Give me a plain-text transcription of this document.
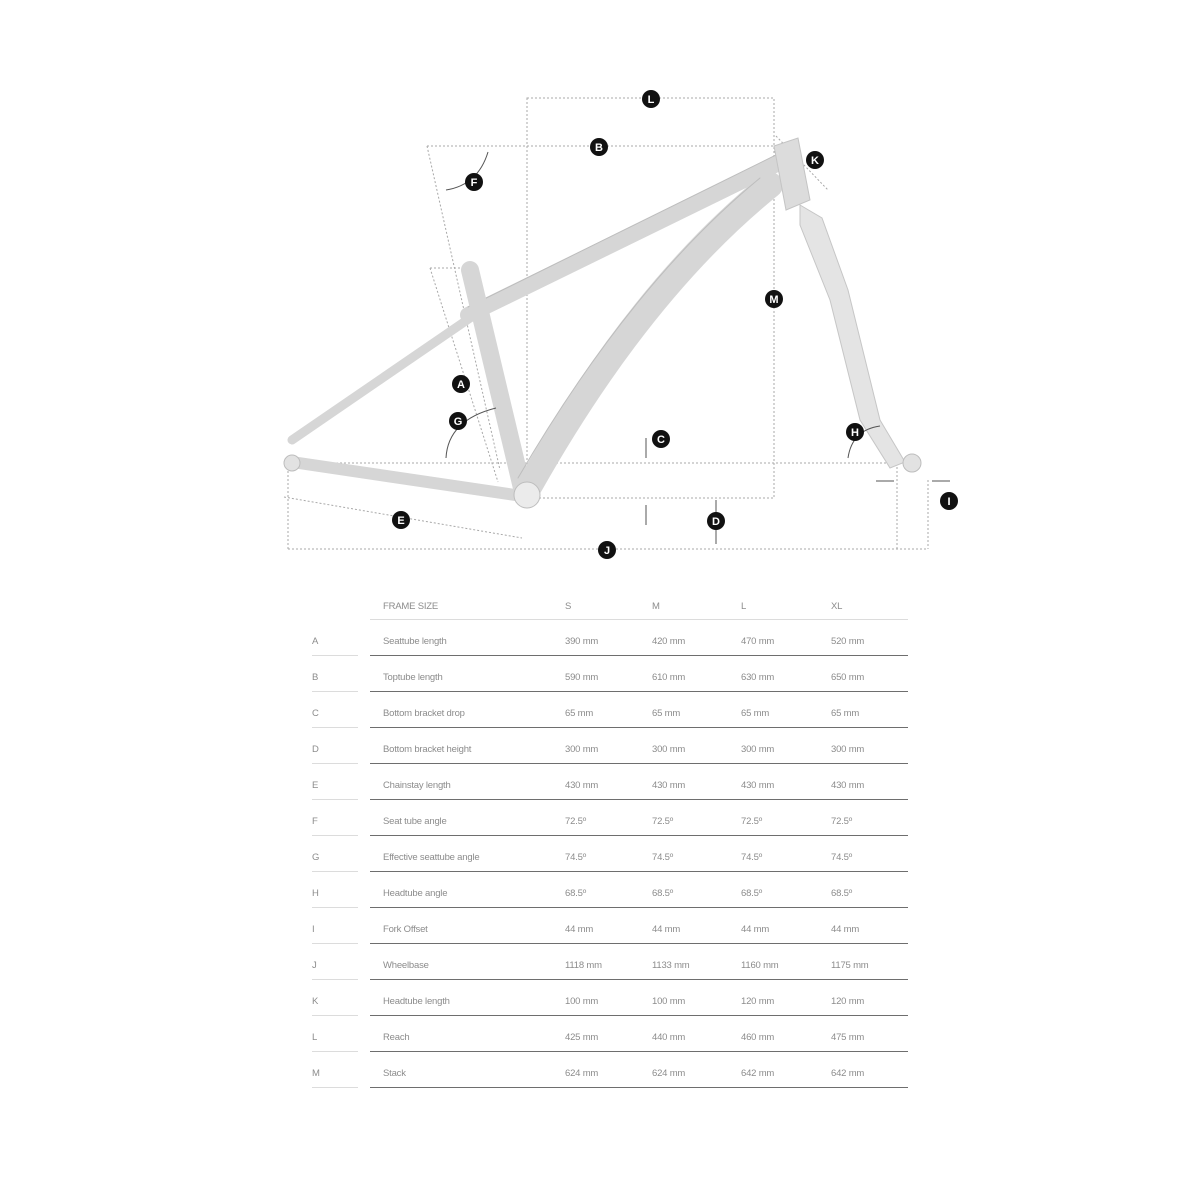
L
B
K
F
M
A
G
C
H
E	D
J
I
FRAME SIZE	S	M	L	XL
A	Seattube length	390 mm	420 mm	470 mm	520 mm
B	Toptube length	590 mm	610 mm	630 mm	650 mm
C	Bottom bracket drop	65 mm	65 mm	65 mm	65 mm
D	Bottom bracket height	300 mm	300 mm	300 mm	300 mm
E	Chainstay length	430 mm	430 mm	430 mm	430 mm
F	Seat tube angle	72.5º	72.5º	72.5º	72.5º
G	Effective seattube angle	74.5º	74.5º	74.5º	74.5º
H	Headtube angle	68.5º	68.5º	68.5º	68.5º
I	Fork Offset	44 mm	44 mm	44 mm	44 mm
J	Wheelbase	1118 mm	1133 mm	1160 mm	1175 mm
K	Headtube length	100 mm	100 mm	120 mm	120 mm
L	Reach	425 mm	440 mm	460 mm	475 mm
M	Stack	624 mm	624 mm	642 mm	642 mm
